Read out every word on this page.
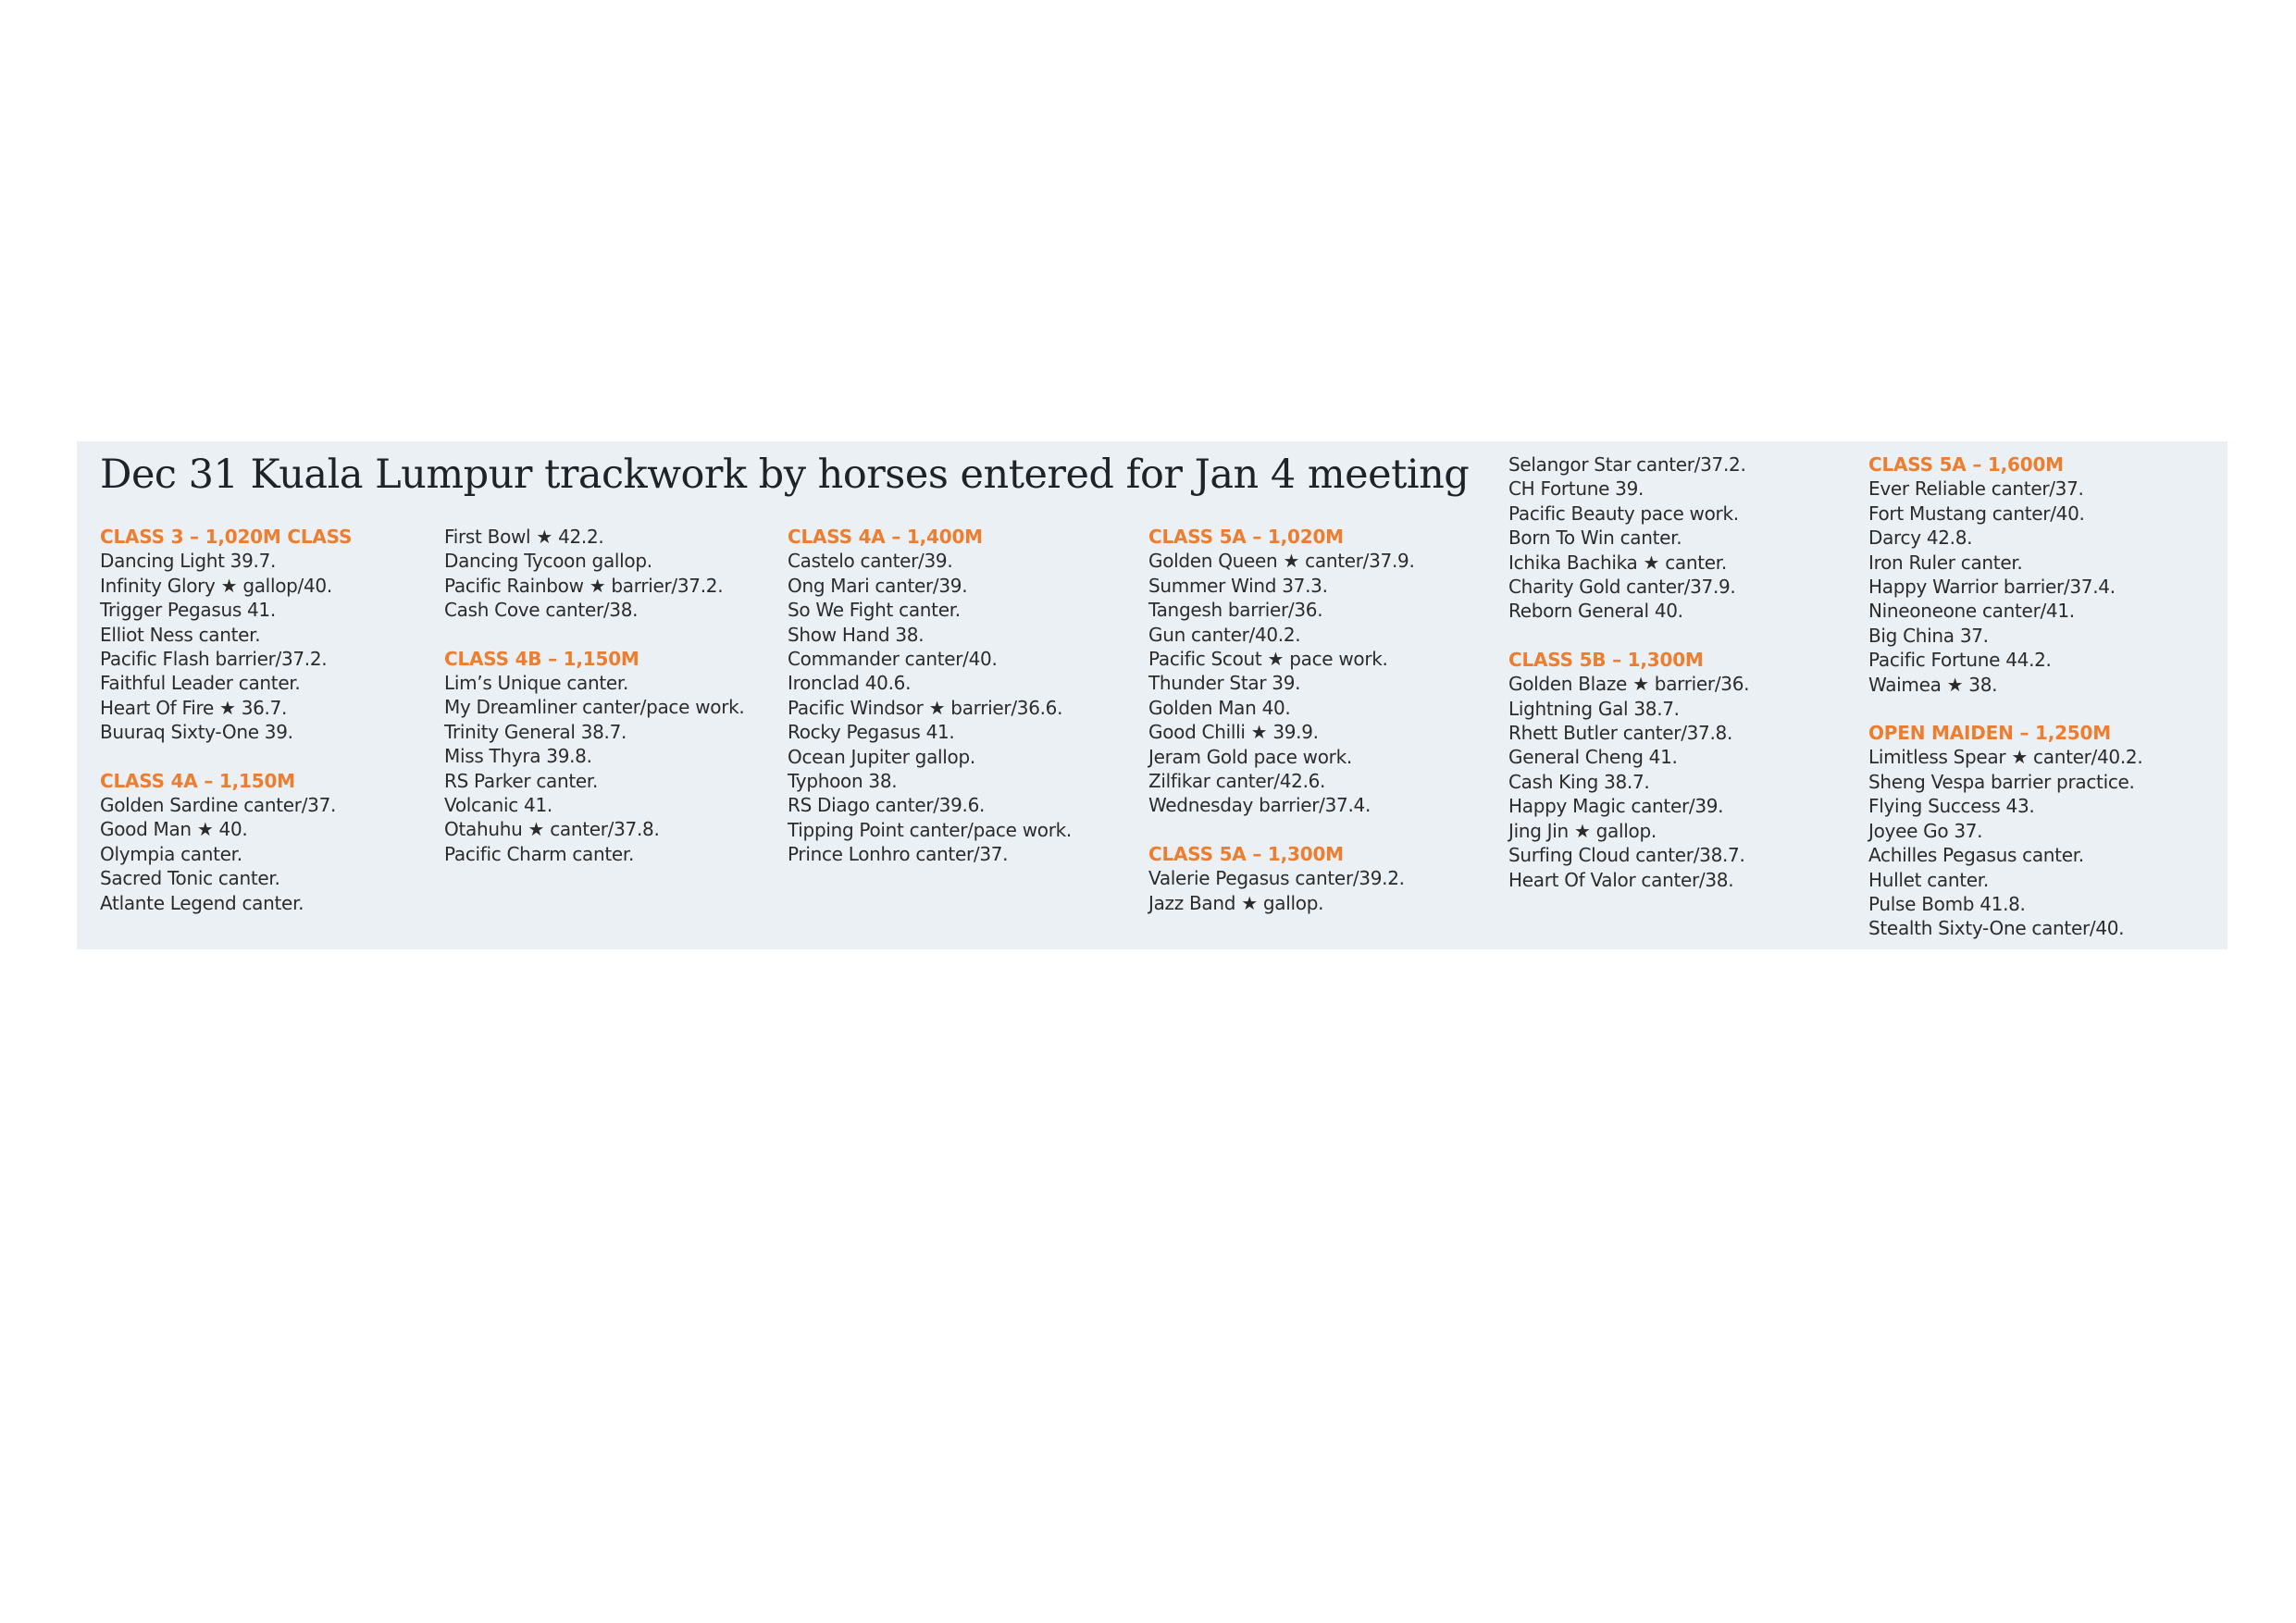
Dec 31 Kuala Lumpur trackwork by horses entered for Jan 4 meeting
CLASS 3 – 1,020M CLASS
Dancing Light 39.7.
Infinity Glory ★ gallop/40.
Trigger Pegasus 41.
Elliot Ness canter.
Pacific Flash barrier/37.2.
Faithful Leader canter.
Heart Of Fire ★ 36.7.
Buuraq Sixty-One 39.
CLASS 4A – 1,150M
Golden Sardine canter/37.
Good Man ★ 40.
Olympia canter.
Sacred Tonic canter.
Atlante Legend canter.
First Bowl ★ 42.2.
Dancing Tycoon gallop.
Pacific Rainbow ★ barrier/37.2.
Cash Cove canter/38.
CLASS 4B – 1,150M
Lim’s Unique canter.
My Dreamliner canter/pace work.
Trinity General 38.7.
Miss Thyra 39.8.
RS Parker canter.
Volcanic 41.
Otahuhu ★ canter/37.8.
Pacific Charm canter.
CLASS 4A – 1,400M
Castelo canter/39.
Ong Mari canter/39.
So We Fight canter.
Show Hand 38.
Commander canter/40.
Ironclad 40.6.
Pacific Windsor ★ barrier/36.6.
Rocky Pegasus 41.
Ocean Jupiter gallop.
Typhoon 38.
RS Diago canter/39.6.
Tipping Point canter/pace work.
Prince Lonhro canter/37.
CLASS 5A – 1,020M
Golden Queen ★ canter/37.9.
Summer Wind 37.3.
Tangesh barrier/36.
Gun canter/40.2.
Pacific Scout ★ pace work.
Thunder Star 39.
Golden Man 40.
Good Chilli ★ 39.9.
Jeram Gold pace work.
Zilfikar canter/42.6.
Wednesday barrier/37.4.
CLASS 5A – 1,300M
Valerie Pegasus canter/39.2.
Jazz Band ★ gallop.
Selangor Star canter/37.2.
CH Fortune 39.
Pacific Beauty pace work.
Born To Win canter.
Ichika Bachika ★ canter.
Charity Gold canter/37.9.
Reborn General 40.
CLASS 5B – 1,300M
Golden Blaze ★ barrier/36.
Lightning Gal 38.7.
Rhett Butler canter/37.8.
General Cheng 41.
Cash King 38.7.
Happy Magic canter/39.
Jing Jin ★ gallop.
Surfing Cloud canter/38.7.
Heart Of Valor canter/38.
CLASS 5A – 1,600M
Ever Reliable canter/37.
Fort Mustang canter/40.
Darcy 42.8.
Iron Ruler canter.
Happy Warrior barrier/37.4.
Nineoneone canter/41.
Big China 37.
Pacific Fortune 44.2.
Waimea ★ 38.
OPEN MAIDEN – 1,250M
Limitless Spear ★ canter/40.2.
Sheng Vespa barrier practice.
Flying Success 43.
Joyee Go 37.
Achilles Pegasus canter.
Hullet canter.
Pulse Bomb 41.8.
Stealth Sixty-One canter/40.
